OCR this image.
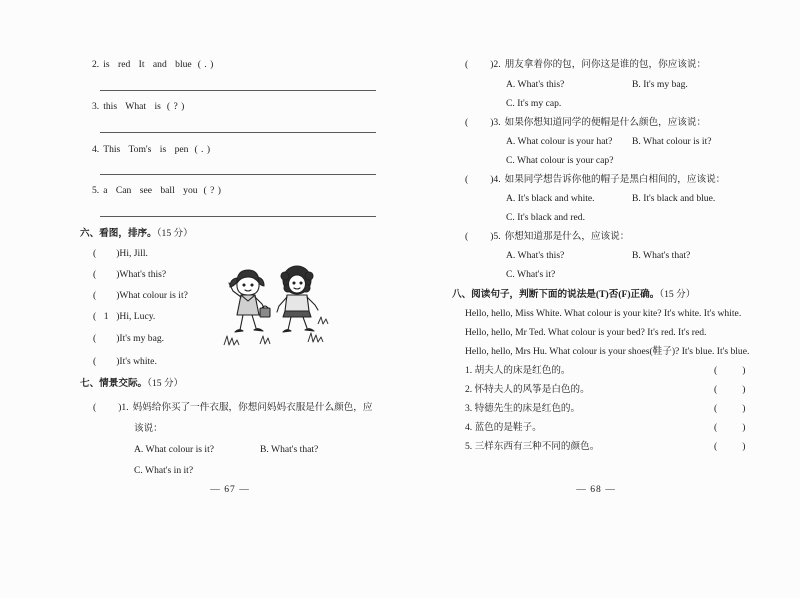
2. is red It and blue ( . )
3. this What is ( ? )
4. This Tom's is pen ( . )
5. a Can see ball you ( ? )
六、看图，排序。（15 分）
( )Hi, Jill.
( )What's this?
( )What colour is it?
( 1 )Hi, Lucy.
( )It's my bag.
( )It's white.
七、情景交际。（15 分）
( )1. 妈妈给你买了一件衣服，你想问妈妈衣服是什么颜色，应
该说：
A. What colour is it?	B. What's that?
C. What's in it?
— 67 —
( )2. 朋友拿着你的包，问你这是谁的包，你应该说：
A. What's this?	B. It's my bag.
C. It's my cap.
( )3. 如果你想知道同学的便帽是什么颜色，应该说：
A. What colour is your hat? B. What colour is it?
C. What colour is your cap?
( )4. 如果同学想告诉你他的帽子是黑白相间的，应该说：
A. It's black and white.	B. It's black and blue.
C. It's black and red.
( )5. 你想知道那是什么，应该说：
A. What's this?	B. What's that?
C. What's it?
八、阅读句子，判断下面的说法是(T)否(F)正确。（15 分）
Hello, hello, Miss White. What colour is your kite? It's white. It's white.
Hello, hello, Mr Ted. What colour is your bed? It's red. It's red.
Hello, hello, Mrs Hu. What colour is your shoes(鞋子)? It's blue. It's blue.
1. 胡夫人的床是红色的。	(	)
2. 怀特夫人的风筝是白色的。	(	)
3. 特德先生的床是红色的。	(	)
4. 蓝色的是鞋子。	(	)
5. 三样东西有三种不同的颜色。	(	)
— 68 —
